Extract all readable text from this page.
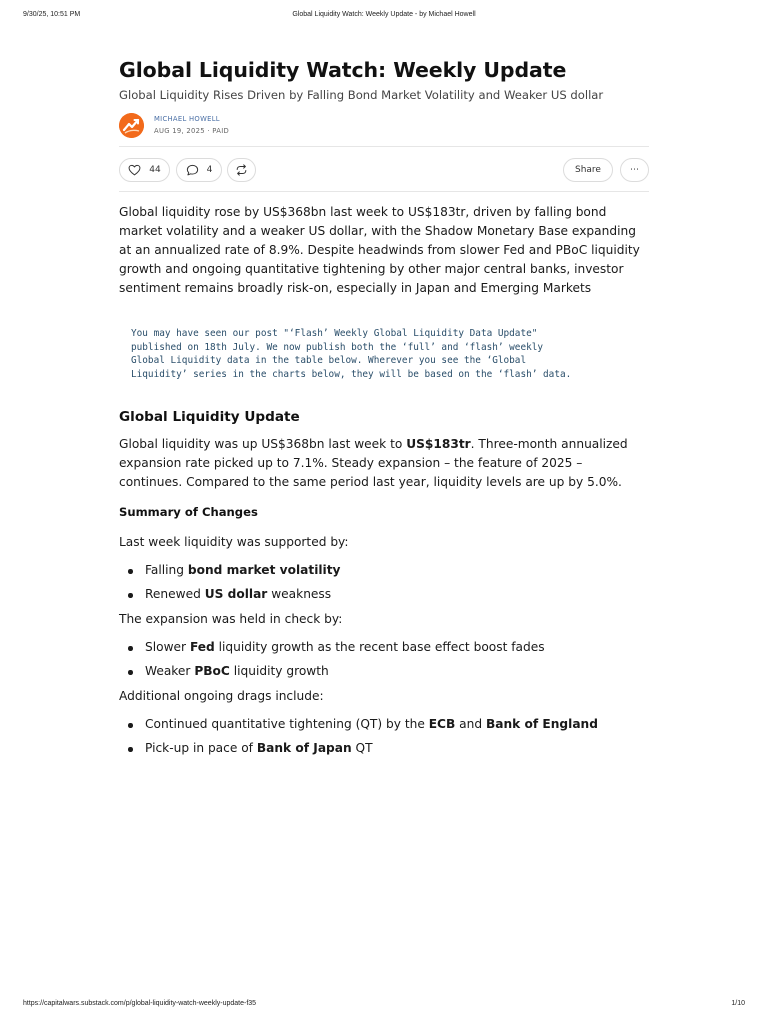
9/30/25, 10:51 PM	Global Liquidity Watch: Weekly Update - by Michael Howell
Global Liquidity Watch: Weekly Update
Global Liquidity Rises Driven by Falling Bond Market Volatility and Weaker US dollar
MICHAEL HOWELL
AUG 19, 2025 · PAID
44	4	Share	⋯

Global liquidity rose by US$368bn last week to US$183tr, driven by falling bond market volatility and a weaker US dollar, with the Shadow Monetary Base expanding at an annualized rate of 8.9%. Despite headwinds from slower Fed and PBoC liquidity growth and ongoing quantitative tightening by other major central banks, investor sentiment remains broadly risk-on, especially in Japan and Emerging Markets

You may have seen our post "‘Flash’ Weekly Global Liquidity Data Update"
published on 18th July. We now publish both the ‘full’ and ‘flash’ weekly
Global Liquidity data in the table below. Wherever you see the ‘Global
Liquidity’ series in the charts below, they will be based on the ‘flash’ data.
Global Liquidity Update

Global liquidity was up US$368bn last week to US$183tr. Three-month annualized expansion rate picked up to 7.1%. Steady expansion – the feature of 2025 – continues. Compared to the same period last year, liquidity levels are up by 5.0%.

Summary of Changes

Last week liquidity was supported by:

Falling bond market volatility
Renewed US dollar weakness

The expansion was held in check by:

Slower Fed liquidity growth as the recent base effect boost fades
Weaker PBoC liquidity growth

Additional ongoing drags include:

Continued quantitative tightening (QT) by the ECB and Bank of England
Pick-up in pace of Bank of Japan QT
https://capitalwars.substack.com/p/global-liquidity-watch-weekly-update-f35	1/10
